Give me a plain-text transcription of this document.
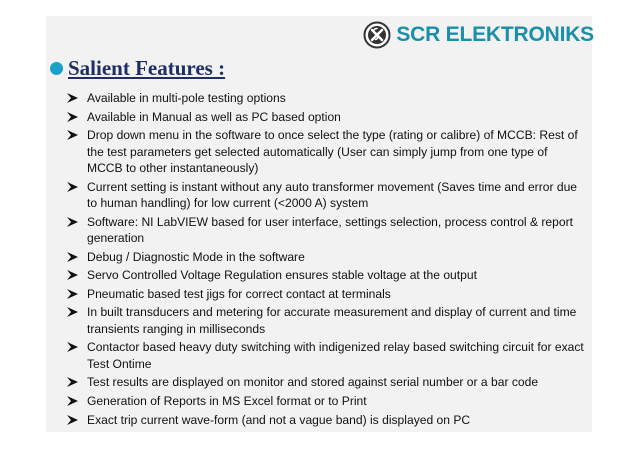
SCR ELEKTRONIKS
Salient Features :
Available in multi-pole testing options
Available in Manual as well as PC based option
Drop down menu in the software to once select the type (rating or calibre) of MCCB: Rest of the test parameters get selected automatically (User can simply jump from one type of MCCB to other instantaneously)
Current setting is instant without any auto transformer movement (Saves time and error due to human handling) for low current (<2000 A) system
Software: NI LabVIEW based for user interface, settings selection, process control & report generation
Debug / Diagnostic Mode in the software
Servo Controlled Voltage Regulation ensures stable voltage at the output
Pneumatic based test jigs for correct contact at terminals
In built transducers and metering for accurate measurement and display of current and time transients ranging in milliseconds
Contactor based heavy duty switching with indigenized relay based switching circuit for exact Test Ontime
Test results are displayed on monitor and stored against serial number or a bar code
Generation of Reports in MS Excel format or to Print
Exact trip current wave-form (and not a vague band) is displayed on PC
